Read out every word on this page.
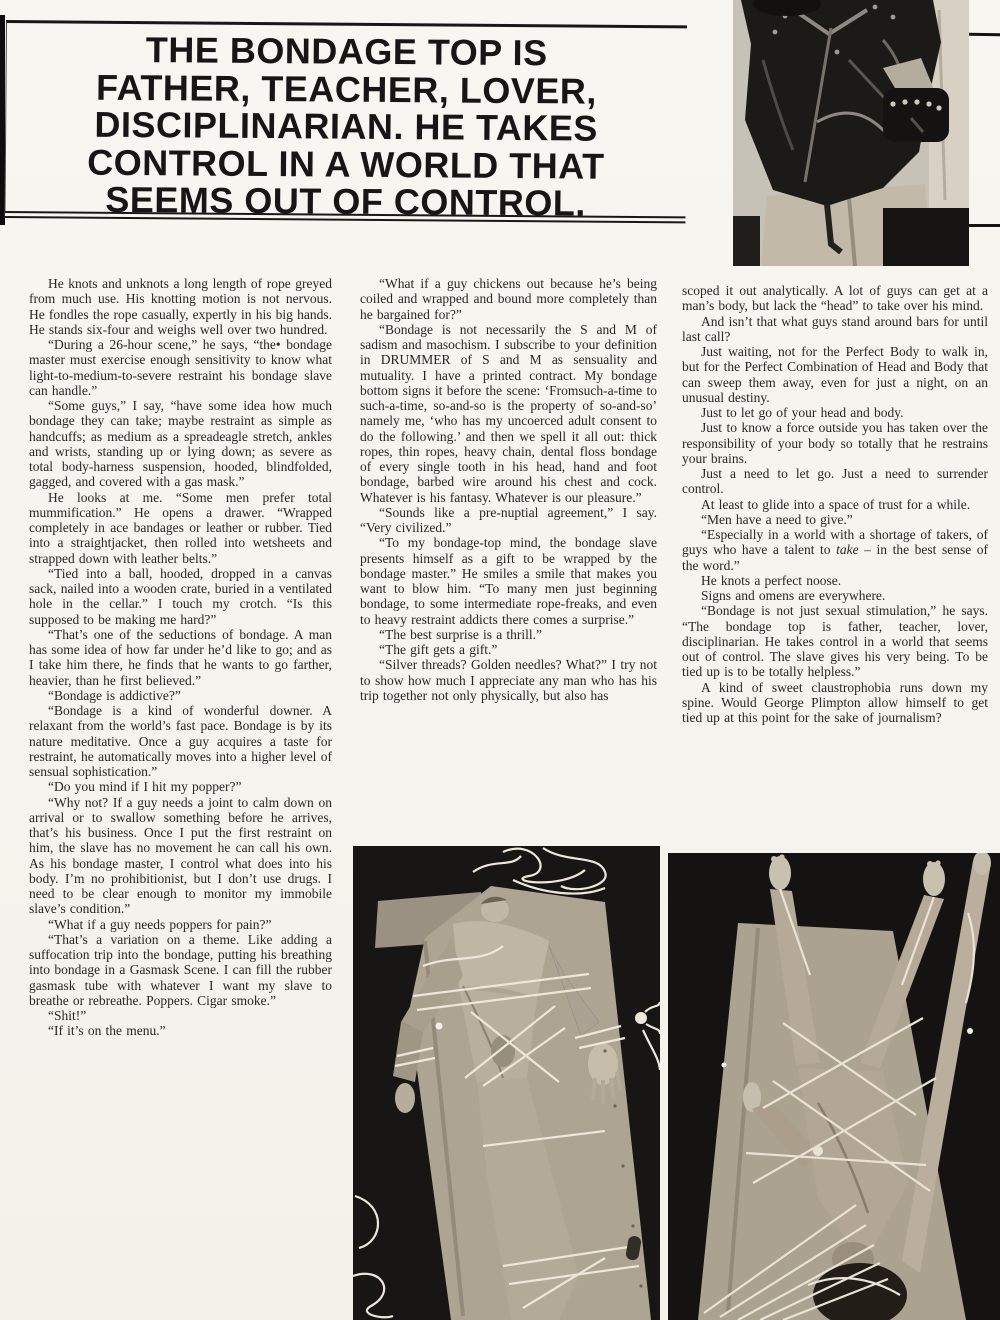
THE BONDAGE TOP IS
FATHER, TEACHER, LOVER,
DISCIPLINARIAN. HE TAKES
CONTROL IN A WORLD THAT
SEEMS OUT OF CONTROL.

He knots and unknots a long length of rope greyed from much use. His knotting motion is not nervous. He fondles the rope casually, expertly in his big hands. He stands six-four and weighs well over two hundred.

“During a 26-hour scene,” he says, “the• bondage master must exercise enough sensitivity to know what light-to-medium-to-severe restraint his bondage slave can handle.”

“Some guys,” I say, “have some idea how much bondage they can take; maybe restraint as simple as handcuffs; as medium as a spreadeagle stretch, ankles and wrists, standing up or lying down; as severe as total body-harness suspension, hooded, blindfolded, gagged, and covered with a gas mask.”

He looks at me. “Some men prefer total mummification.” He opens a drawer. “Wrapped completely in ace bandages or leather or rubber. Tied into a straightjacket, then rolled into wetsheets and strapped down with leather belts.”

“Tied into a ball, hooded, dropped in a canvas sack, nailed into a wooden crate, buried in a ventilated hole in the cellar.” I touch my crotch. “Is this supposed to be making me hard?”

“That’s one of the seductions of bondage. A man has some idea of how far under he’d like to go; and as I take him there, he finds that he wants to go farther, heavier, than he first believed.”

“Bondage is addictive?”

“Bondage is a kind of wonderful downer. A relaxant from the world’s fast pace. Bondage is by its nature meditative. Once a guy acquires a taste for restraint, he automatically moves into a higher level of sensual sophistication.”

“Do you mind if I hit my popper?”

“Why not? If a guy needs a joint to calm down on arrival or to swallow something before he arrives, that’s his business. Once I put the first restraint on him, the slave has no movement he can call his own. As his bondage master, I control what does into his body. I’m no prohibitionist, but I don’t use drugs. I need to be clear enough to monitor my immobile slave’s condition.”

“What if a guy needs poppers for pain?”

“That’s a variation on a theme. Like adding a suffocation trip into the bondage, putting his breathing into bondage in a Gasmask Scene. I can fill the rubber gasmask tube with whatever I want my slave to breathe or rebreathe. Poppers. Cigar smoke.”

“Shit!”

“If it’s on the menu.”

“What if a guy chickens out because he’s being coiled and wrapped and bound more completely than he bargained for?”

“Bondage is not necessarily the S and M of sadism and masochism. I subscribe to your definition in DRUMMER of S and M as sensuality and mutuality. I have a printed contract. My bondage bottom signs it before the scene: ‘Fromsuch-a-time to such-a-time, so-and-so is the property of so-and-so’ namely me, ‘who has my uncoerced adult consent to do the following.’ and then we spell it all out: thick ropes, thin ropes, heavy chain, dental floss bondage of every single tooth in his head, hand and foot bondage, barbed wire around his chest and cock. Whatever is his fantasy. Whatever is our pleasure.”

“Sounds like a pre-nuptial agreement,” I say. “Very civilized.”

“To my bondage-top mind, the bondage slave presents himself as a gift to be wrapped by the bondage master.” He smiles a smile that makes you want to blow him. “To many men just beginning bondage, to some intermediate rope-freaks, and even to heavy restraint addicts there comes a surprise.”

“The best surprise is a thrill.”

“The gift gets a gift.”

“Silver threads? Golden needles? What?” I try not to show how much I appreciate any man who has his trip together not only physically, but also has

scoped it out analytically. A lot of guys can get at a man’s body, but lack the “head” to take over his mind.

And isn’t that what guys stand around bars for until last call?

Just waiting, not for the Perfect Body to walk in, but for the Perfect Combination of Head and Body that can sweep them away, even for just a night, on an unusual destiny.

Just to let go of your head and body.

Just to know a force outside you has taken over the responsibility of your body so totally that he restrains your brains.

Just a need to let go. Just a need to surrender control.

At least to glide into a space of trust for a while.

“Men have a need to give.”

“Especially in a world with a shortage of takers, of guys who have a talent to take – in the best sense of the word.”

He knots a perfect noose.

Signs and omens are everywhere.

“Bondage is not just sexual stimulation,” he says. “The bondage top is father, teacher, lover, disciplinarian. He takes control in a world that seems out of control. The slave gives his very being. To be tied up is to be totally helpless.”

A kind of sweet claustrophobia runs down my spine. Would George Plimpton allow himself to get tied up at this point for the sake of journalism?
